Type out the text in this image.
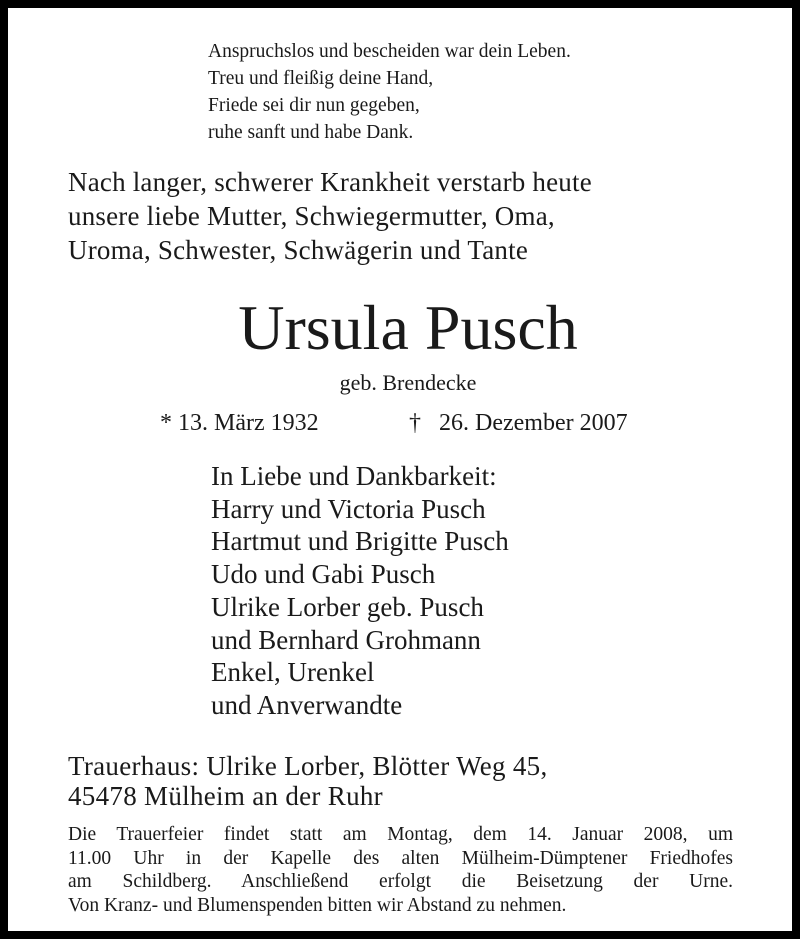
Anspruchslos und bescheiden war dein Leben.
Treu und fleißig deine Hand,
Friede sei dir nun gegeben,
ruhe sanft und habe Dank.
Nach langer, schwerer Krankheit verstarb heute
unsere liebe Mutter, Schwiegermutter, Oma,
Uroma, Schwester, Schwägerin und Tante
Ursula Pusch
geb. Brendecke
* 13. März 1932	† 26. Dezember 2007
In Liebe und Dankbarkeit:
Harry und Victoria Pusch
Hartmut und Brigitte Pusch
Udo und Gabi Pusch
Ulrike Lorber geb. Pusch
und Bernhard Grohmann
Enkel, Urenkel
und Anverwandte
Trauerhaus: Ulrike Lorber, Blötter Weg 45,
45478 Mülheim an der Ruhr
Die Trauerfeier findet statt am Montag, dem 14. Januar 2008, um
11.00 Uhr in der Kapelle des alten Mülheim-Dümptener Friedhofes
am Schildberg. Anschließend erfolgt die Beisetzung der Urne.
Von Kranz- und Blumenspenden bitten wir Abstand zu nehmen.
